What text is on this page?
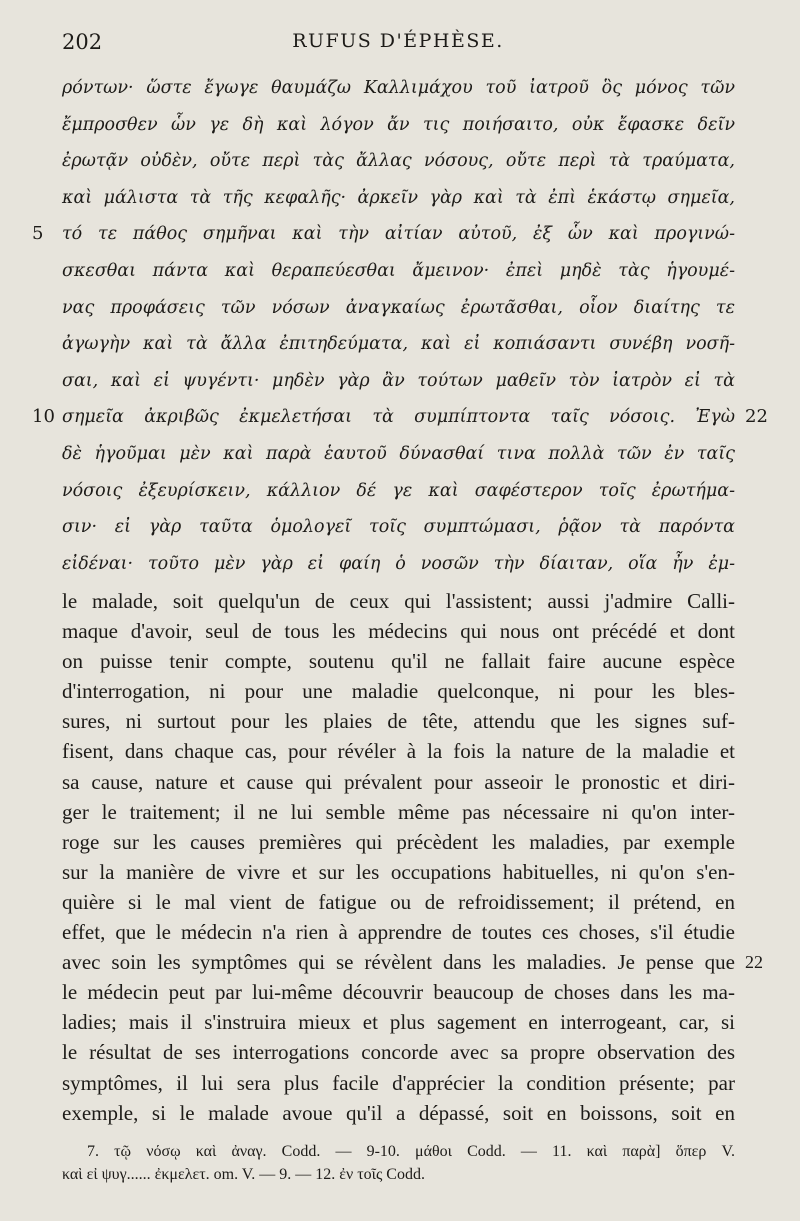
202	RUFUS D'ÉPHÈSE.
ρόντων· ὥστε ἔγωγε θαυμάζω Καλλιμάχου τοῦ ἰατροῦ ὃς μόνος τῶν
ἔμπροσθεν ὧν γε δὴ καὶ λόγον ἄν τις ποιήσαιτο, οὐκ ἔφασκε δεῖν
ἐρωτᾷν οὐδὲν, οὔτε περὶ τὰς ἄλλας νόσους, οὔτε περὶ τὰ τραύματα,
καὶ μάλιστα τὰ τῆς κεφαλῆς· ἀρκεῖν γὰρ καὶ τὰ ἐπὶ ἑκάστῳ σημεῖα,
τό τε πάθος σημῆναι καὶ τὴν αἰτίαν αὐτοῦ, ἐξ ὧν καὶ προγινώ-
5
σκεσθαι πάντα καὶ θεραπεύεσθαι ἄμεινον· ἐπεὶ μηδὲ τὰς ἡγουμέ-
νας προφάσεις τῶν νόσων ἀναγκαίως ἐρωτᾶσθαι, οἷον διαίτης τε
ἀγωγὴν καὶ τὰ ἄλλα ἐπιτηδεύματα, καὶ εἰ κοπιάσαντι συνέβη νοσῆ-
σαι, καὶ εἰ ψυγέντι· μηδὲν γὰρ ἂν τούτων μαθεῖν τὸν ἰατρὸν εἰ τὰ
σημεῖα ἀκριβῶς ἐκμελετήσαι τὰ συμπίπτοντα ταῖς νόσοις. Ἐγὼ
10	22
δὲ ἡγοῦμαι μὲν καὶ παρὰ ἑαυτοῦ δύνασθαί τινα πολλὰ τῶν ἐν ταῖς
νόσοις ἐξευρίσκειν, κάλλιον δέ γε καὶ σαφέστερον τοῖς ἐρωτήμα-
σιν· εἰ γὰρ ταῦτα ὁμολογεῖ τοῖς συμπτώμασι, ῥᾷον τὰ παρόντα
εἰδέναι· τοῦτο μὲν γὰρ εἰ φαίη ὁ νοσῶν τὴν δίαιταν, οἵα ἦν ἐμ-
le malade, soit quelqu'un de ceux qui l'assistent; aussi j'admire Calli-
maque d'avoir, seul de tous les médecins qui nous ont précédé et dont
on puisse tenir compte, soutenu qu'il ne fallait faire aucune espèce
d'interrogation, ni pour une maladie quelconque, ni pour les bles-
sures, ni surtout pour les plaies de tête, attendu que les signes suf-
fisent, dans chaque cas, pour révéler à la fois la nature de la maladie et
sa cause, nature et cause qui prévalent pour asseoir le pronostic et diri-
ger le traitement; il ne lui semble même pas nécessaire ni qu'on inter-
roge sur les causes premières qui précèdent les maladies, par exemple
sur la manière de vivre et sur les occupations habituelles, ni qu'on s'en-
quière si le mal vient de fatigue ou de refroidissement; il prétend, en
effet, que le médecin n'a rien à apprendre de toutes ces choses, s'il étudie
avec soin les symptômes qui se révèlent dans les maladies. Je pense que 22
le médecin peut par lui-même découvrir beaucoup de choses dans les ma-
ladies; mais il s'instruira mieux et plus sagement en interrogeant, car, si
le résultat de ses interrogations concorde avec sa propre observation des
symptômes, il lui sera plus facile d'apprécier la condition présente; par
exemple, si le malade avoue qu'il a dépassé, soit en boissons, soit en
7. τῷ νόσῳ καὶ ἀναγ. Codd. — 9-10. μάθοι Codd. — 11. καὶ παρὰ] ὅπερ V.
καὶ εἰ ψυγ...... ἐκμελετ. om. V. — 9. — 12. ἐν τοῖς Codd.
